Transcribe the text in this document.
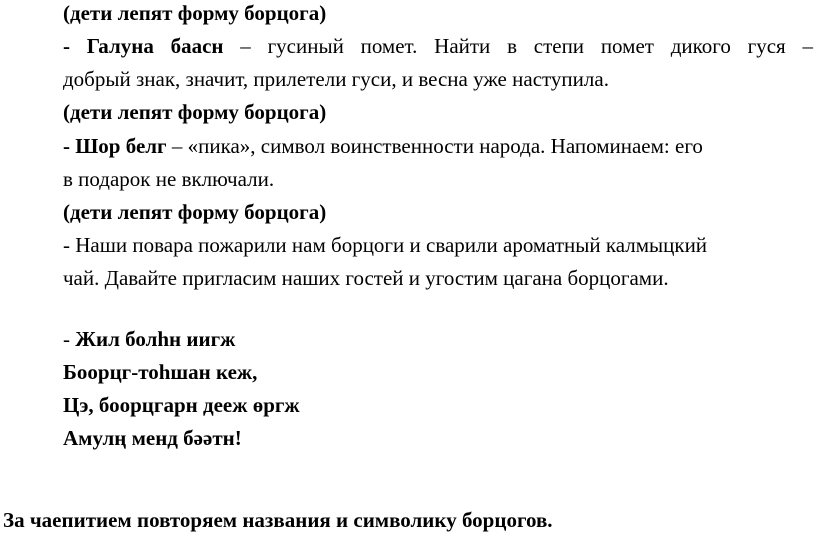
(дети лепят форму борцога)
- Галуна баасн – гусиный помет. Найти в степи помет дикого гуся –
добрый знак, значит, прилетели гуси, и весна уже наступила.
(дети лепят форму борцога)
- Шор белг – «пика», символ воинственности народа. Напоминаем: его
в подарок не включали.
(дети лепят форму борцога)
- Наши повара пожарили нам борцоги и сварили ароматный калмыцкий
чай. Давайте пригласим наших гостей и угостим цагана борцогами.
- Жил болһн иигж
Боорцг-тоһшан кеж,
Цэ, боорцгарн дееж өргж
Амулң менд бәәтн!
За чаепитием повторяем названия и символику борцогов.
